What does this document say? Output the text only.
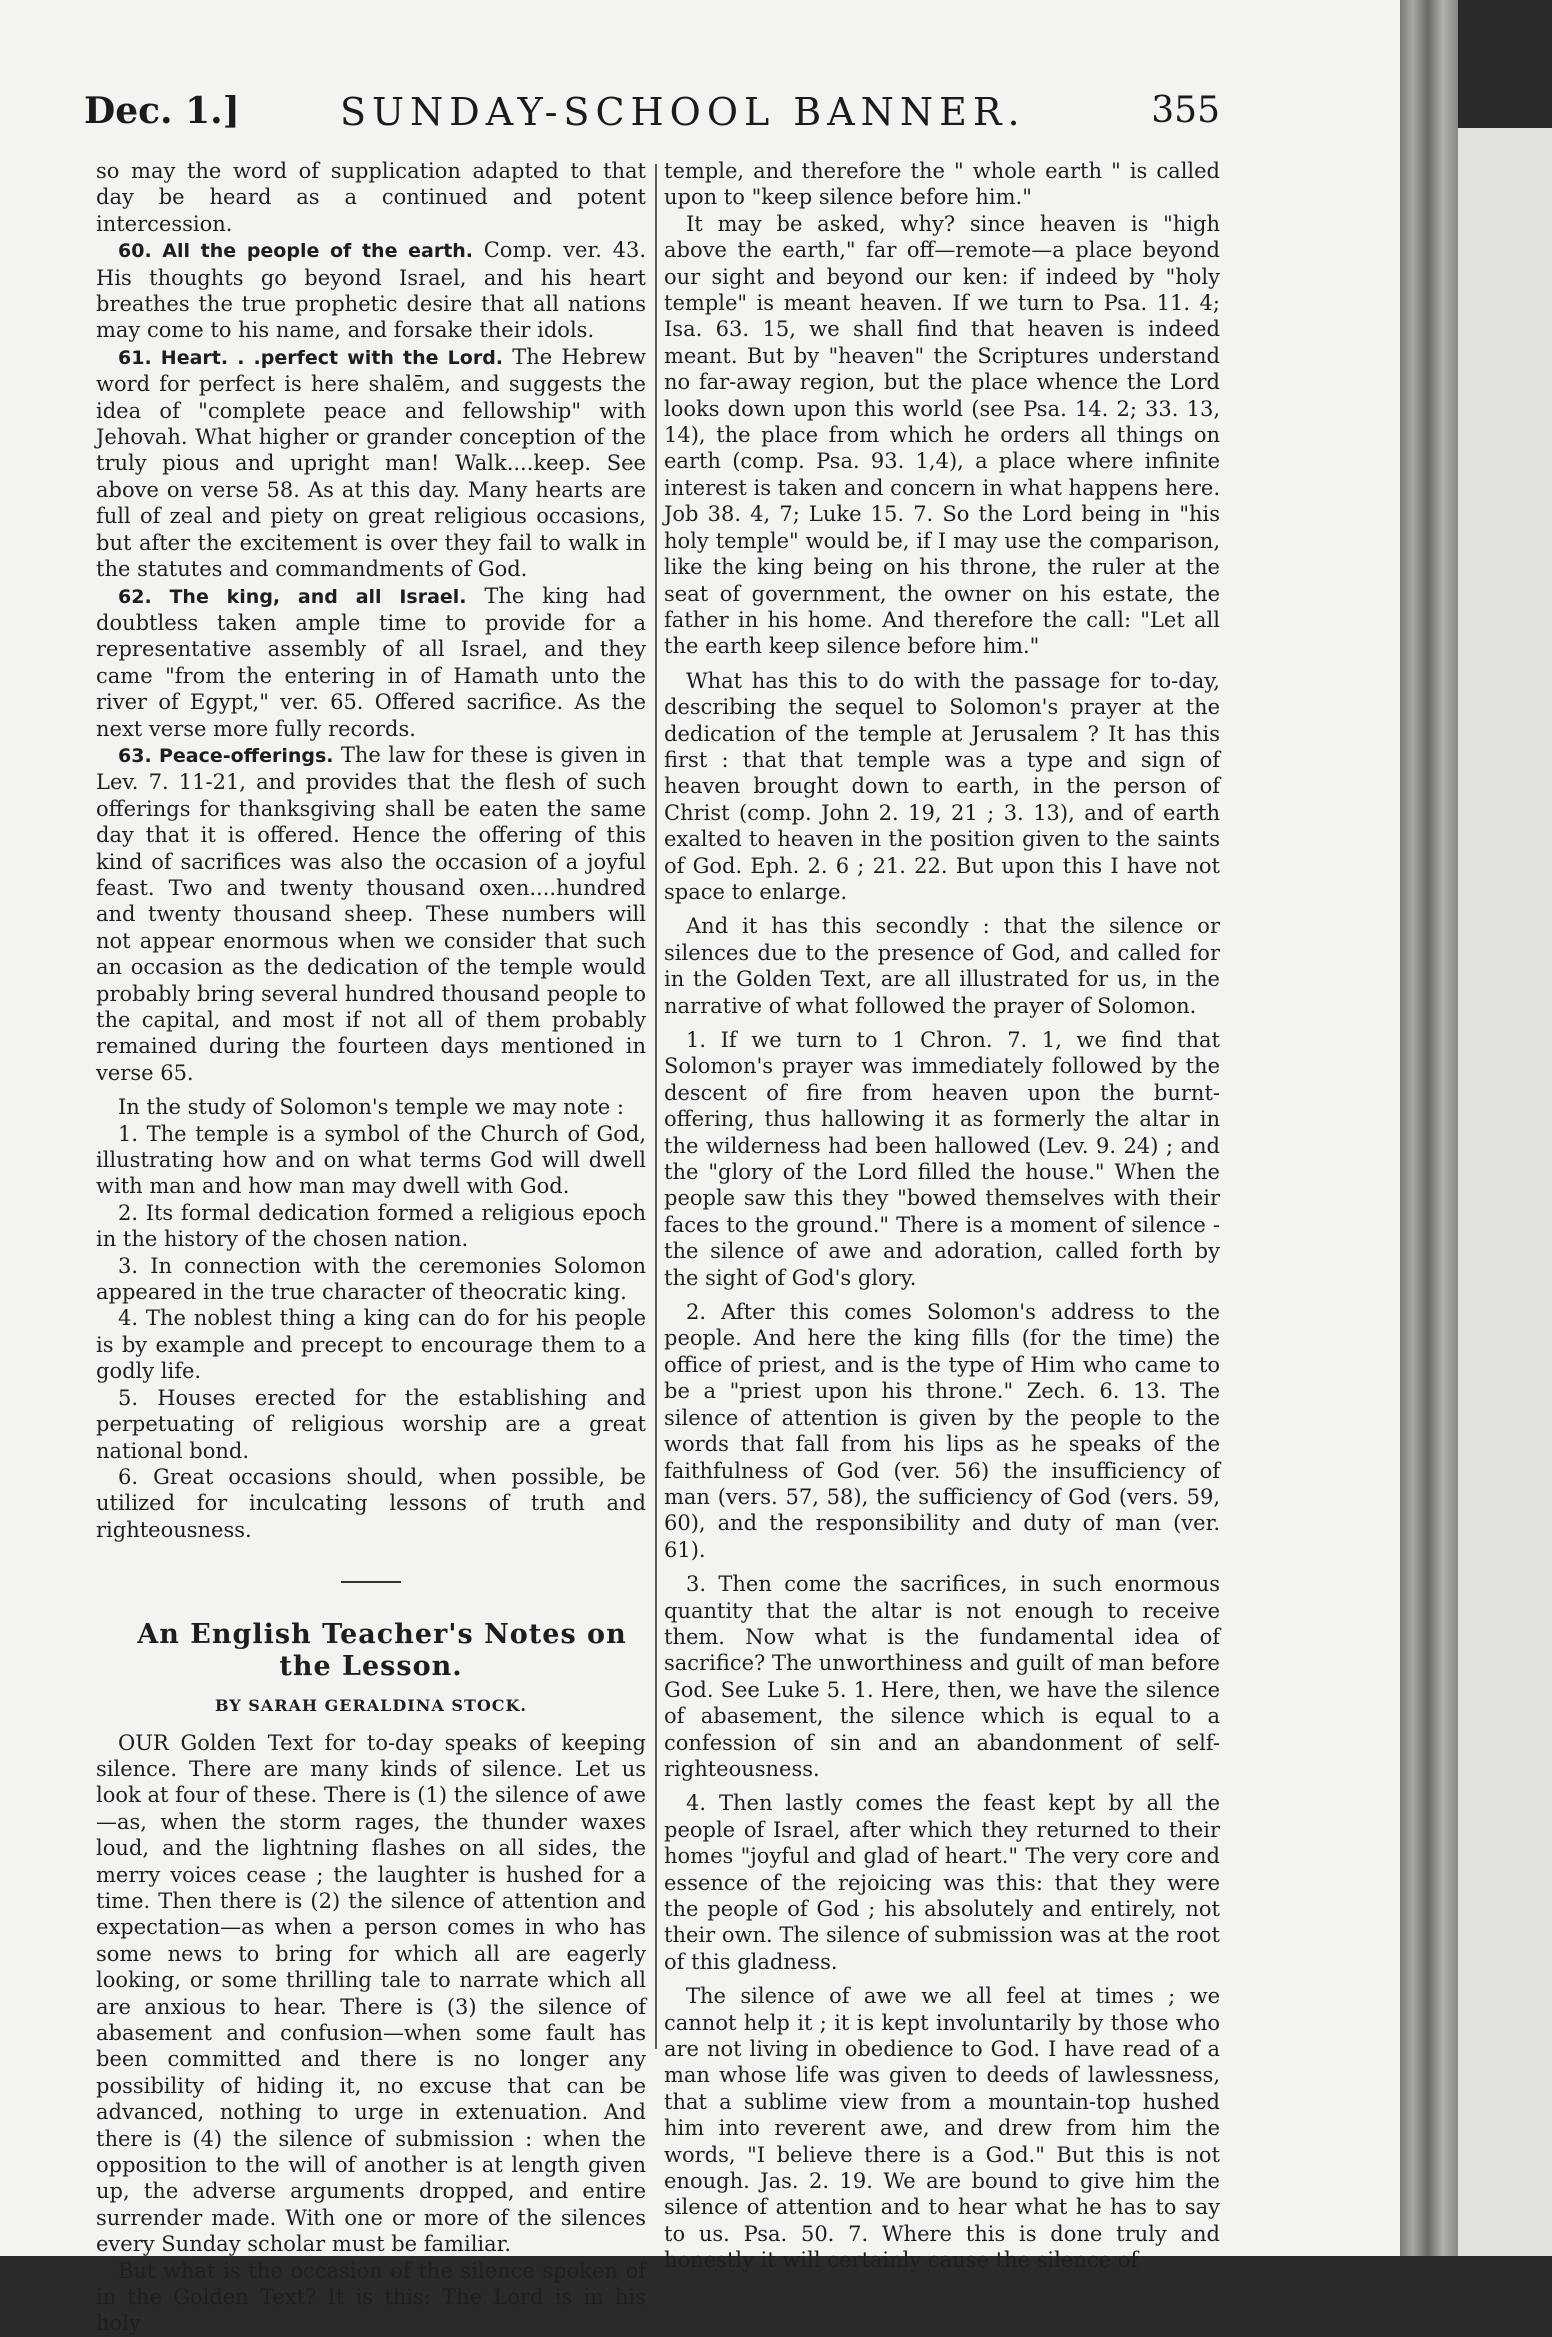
Dec. 1.]	SUNDAY-SCHOOL BANNER.	355

so may the word of supplication adapted to that day be heard as a continued and potent intercession.

60. All the people of the earth. Comp. ver. 43. His thoughts go beyond Israel, and his heart breathes the true prophetic desire that all nations may come to his name, and forsake their idols.

61. Heart. . .perfect with the Lord. The Hebrew word for perfect is here shalēm, and suggests the idea of "complete peace and fellowship" with Jehovah. What higher or grander conception of the truly pious and upright man! Walk....keep. See above on verse 58. As at this day. Many hearts are full of zeal and piety on great religious occasions, but after the excitement is over they fail to walk in the statutes and commandments of God.

62. The king, and all Israel. The king had doubtless taken ample time to provide for a representative assembly of all Israel, and they came "from the entering in of Hamath unto the river of Egypt," ver. 65. Offered sacrifice. As the next verse more fully records.

63. Peace-offerings. The law for these is given in Lev. 7. 11-21, and provides that the flesh of such offerings for thanksgiving shall be eaten the same day that it is offered. Hence the offering of this kind of sacrifices was also the occasion of a joyful feast. Two and twenty thousand oxen....hundred and twenty thousand sheep. These numbers will not appear enormous when we consider that such an occasion as the dedication of the temple would probably bring several hundred thousand people to the capital, and most if not all of them probably remained during the fourteen days mentioned in verse 65.

In the study of Solomon's temple we may note :

1. The temple is a symbol of the Church of God, illustrating how and on what terms God will dwell with man and how man may dwell with God.

2. Its formal dedication formed a religious epoch in the history of the chosen nation.

3. In connection with the ceremonies Solomon appeared in the true character of theocratic king.

4. The noblest thing a king can do for his people is by example and precept to encourage them to a godly life.

5. Houses erected for the establishing and perpetuating of religious worship are a great national bond.

6. Great occasions should, when possible, be utilized for inculcating lessons of truth and righteousness.

An English Teacher's Notes on the Lesson.

BY SARAH GERALDINA STOCK.

OUR Golden Text for to-day speaks of keeping silence. There are many kinds of silence. Let us look at four of these. There is (1) the silence of awe—as, when the storm rages, the thunder waxes loud, and the lightning flashes on all sides, the merry voices cease ; the laughter is hushed for a time. Then there is (2) the silence of attention and expectation—as when a person comes in who has some news to bring for which all are eagerly looking, or some thrilling tale to narrate which all are anxious to hear. There is (3) the silence of abasement and confusion—when some fault has been committed and there is no longer any possibility of hiding it, no excuse that can be advanced, nothing to urge in extenuation. And there is (4) the silence of submission : when the opposition to the will of another is at length given up, the adverse arguments dropped, and entire surrender made. With one or more of the silences every Sunday scholar must be familiar.

But what is the occasion of the silence spoken of in the Golden Text? It is this: The Lord is in his holy

temple, and therefore the " whole earth " is called upon to "keep silence before him."

It may be asked, why? since heaven is "high above the earth," far off—remote—a place beyond our sight and beyond our ken: if indeed by "holy temple" is meant heaven. If we turn to Psa. 11. 4; Isa. 63. 15, we shall find that heaven is indeed meant. But by "heaven" the Scriptures understand no far-away region, but the place whence the Lord looks down upon this world (see Psa. 14. 2; 33. 13, 14), the place from which he orders all things on earth (comp. Psa. 93. 1,4), a place where infinite interest is taken and concern in what happens here. Job 38. 4, 7; Luke 15. 7. So the Lord being in "his holy temple" would be, if I may use the comparison, like the king being on his throne, the ruler at the seat of government, the owner on his estate, the father in his home. And therefore the call: "Let all the earth keep silence before him."

What has this to do with the passage for to-day, describing the sequel to Solomon's prayer at the dedication of the temple at Jerusalem ? It has this first : that that temple was a type and sign of heaven brought down to earth, in the person of Christ (comp. John 2. 19, 21 ; 3. 13), and of earth exalted to heaven in the position given to the saints of God. Eph. 2. 6 ; 21. 22. But upon this I have not space to enlarge.

And it has this secondly : that the silence or silences due to the presence of God, and called for in the Golden Text, are all illustrated for us, in the narrative of what followed the prayer of Solomon.

1. If we turn to 1 Chron. 7. 1, we find that Solomon's prayer was immediately followed by the descent of fire from heaven upon the burnt-offering, thus hallowing it as formerly the altar in the wilderness had been hallowed (Lev. 9. 24) ; and the "glory of the Lord filled the house." When the people saw this they "bowed themselves with their faces to the ground." There is a moment of silence - the silence of awe and adoration, called forth by the sight of God's glory.

2. After this comes Solomon's address to the people. And here the king fills (for the time) the office of priest, and is the type of Him who came to be a "priest upon his throne." Zech. 6. 13. The silence of attention is given by the people to the words that fall from his lips as he speaks of the faithfulness of God (ver. 56) the insufficiency of man (vers. 57, 58), the sufficiency of God (vers. 59, 60), and the responsibility and duty of man (ver. 61).

3. Then come the sacrifices, in such enormous quantity that the altar is not enough to receive them. Now what is the fundamental idea of sacrifice? The unworthiness and guilt of man before God. See Luke 5. 1. Here, then, we have the silence of abasement, the silence which is equal to a confession of sin and an abandonment of self-righteousness.

4. Then lastly comes the feast kept by all the people of Israel, after which they returned to their homes "joyful and glad of heart." The very core and essence of the rejoicing was this: that they were the people of God ; his absolutely and entirely, not their own. The silence of submission was at the root of this gladness.

The silence of awe we all feel at times ; we cannot help it ; it is kept involuntarily by those who are not living in obedience to God. I have read of a man whose life was given to deeds of lawlessness, that a sublime view from a mountain-top hushed him into reverent awe, and drew from him the words, "I believe there is a God." But this is not enough. Jas. 2. 19. We are bound to give him the silence of attention and to hear what he has to say to us. Psa. 50. 7. Where this is done truly and honestly it will certainly cause the silence of
